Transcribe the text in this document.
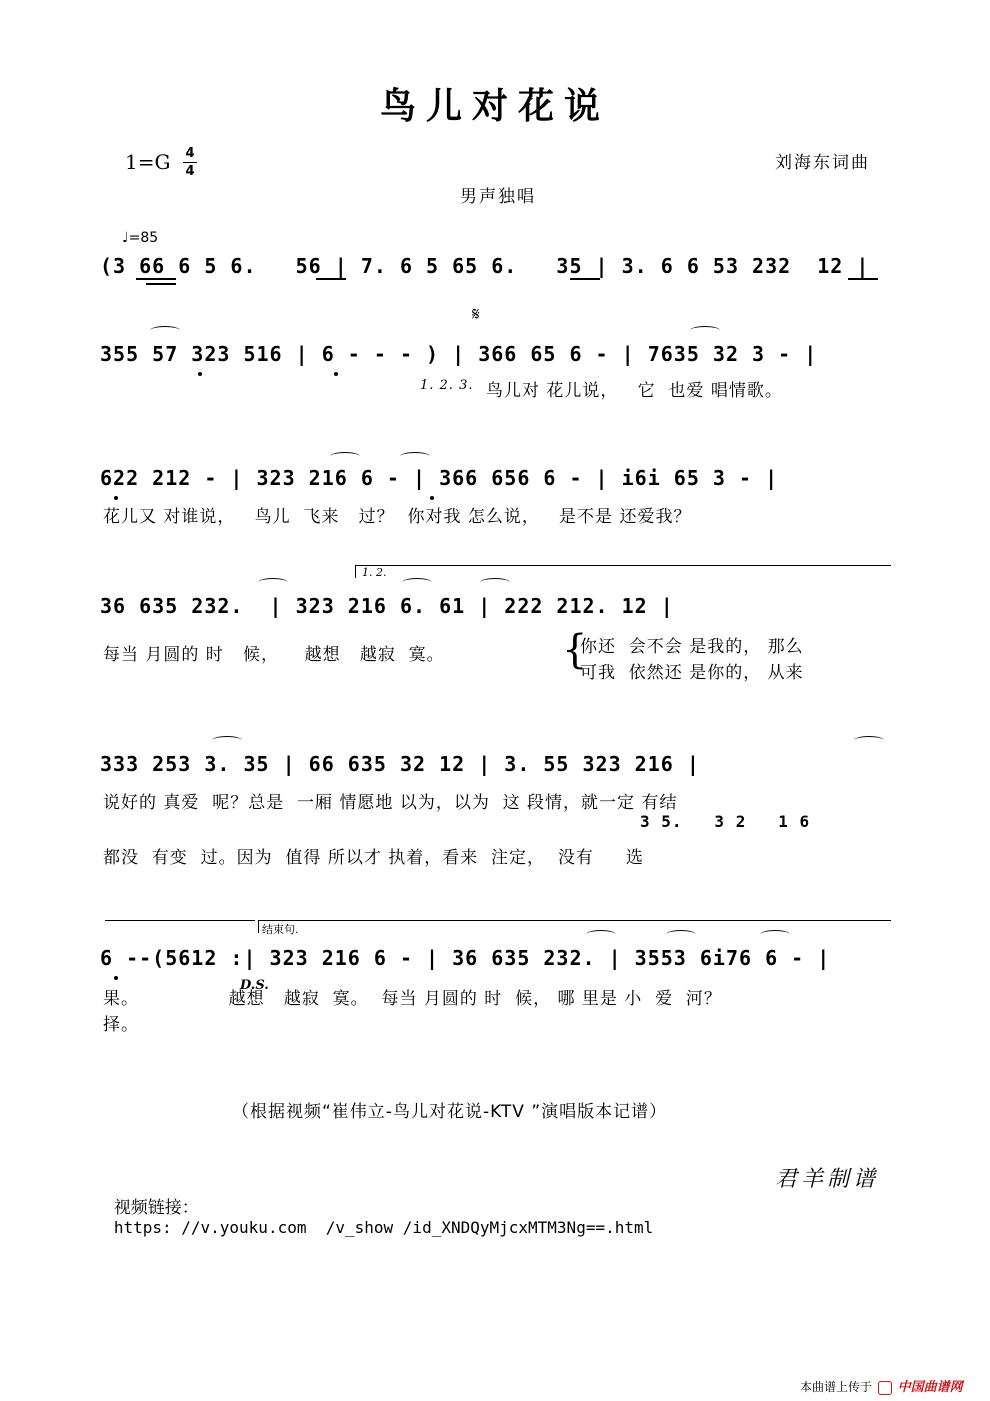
鸟儿对花说
1=G 4
4	刘海东词曲
男声独唱
♩=85
(3 66 6 5 6.   56 | 7. 6 5 65 6.   35 | 3. 6 6 53 232  12 |
𝄋
355 57 323 516 | 6 - - - ) | 366 65 6 - | 7635 32 3 - |
1. 2. 3. 鸟儿对 花儿说，   它  也爱 唱情歌。
622 212 - | 323 216 6 - | 366 656 6 - | i6i 65 3 - |
花儿又 对谁说，   鸟儿  飞来   过？  你对我 怎么说，   是不是 还爱我？
1. 2.
36 635 232.  | 323 216 6. 61 | 222 212. 12 |
每当 月圆的 时   候，    越想   越寂  寞。	{
你还  会不会 是我的， 那么
可我  依然还 是你的， 从来
333 253 3. 35 | 66 635 32 12 | 3. 55 323 216 |
说好的 真爱  呢？总是  一厢 情愿地 以为，以为  这 段情，就一定 有结
3 5.   3 2   1 6
都没  有变  过。因为  值得 所以才 执着，看来  注定，  没有     选
结束句.
6 --(5612 :| 323 216 6 - | 36 635 232. | 3553 6i76 6 - |
D.S.
果。              越想   越寂  寞。  每当 月圆的 时  候， 哪 里是 小  爱  河？
择。
（根据视频“崔伟立-鸟儿对花说-KTV ”演唱版本记谱）

视频链接：
https: //v.youku.com  /v_show /id_XNDQyMjcxMTM3Ng==.html

君羊制谱
本曲谱上传于 中国曲谱网
